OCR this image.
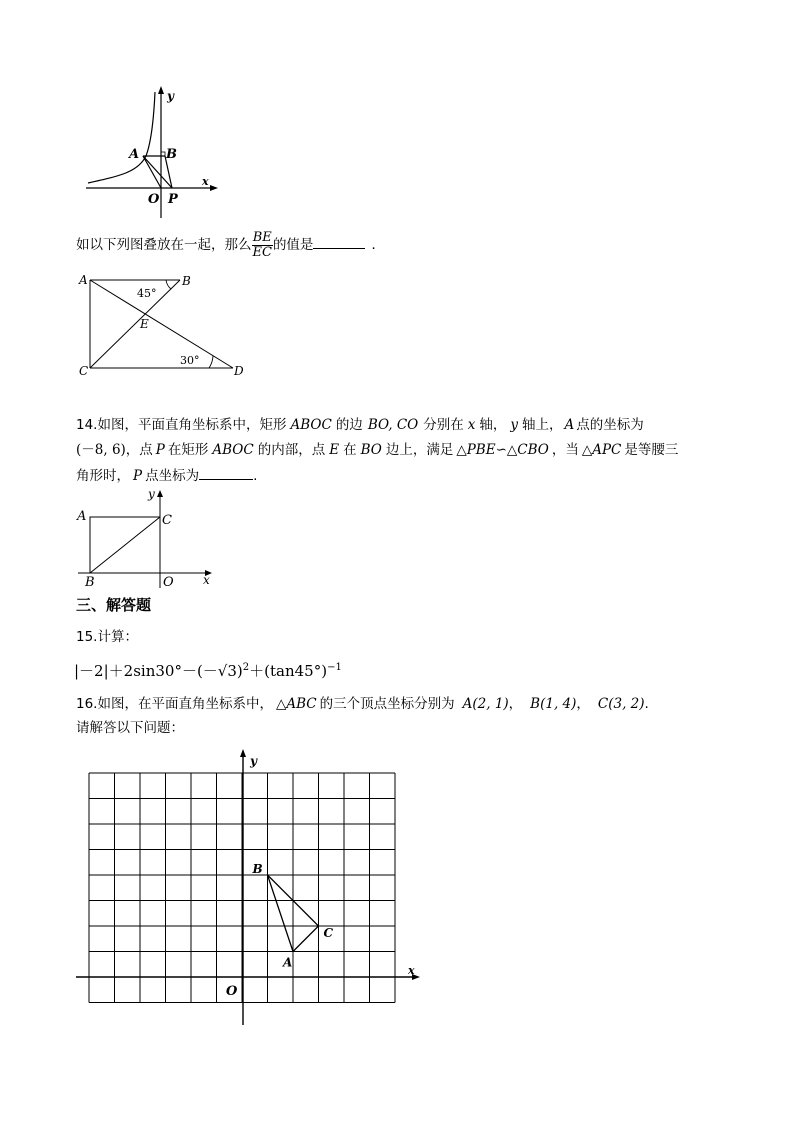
y
x
A B
O P
如以下列图叠放在一起，那么 $\frac{BE}{EC}$ 的值是	．
A	B
C	D
E
45°
30°
14.如图，平面直角坐标系中，矩形 ABOC 的边 BO, CO 分别在 x 轴， y 轴上， A 点的坐标为
(－8, 6)，点 P 在矩形 ABOC 的内部，点 E 在 BO 边上，满足 △PBE∽△CBO ，当 △APC 是等腰三
角形时， P 点坐标为	.
y
x
A
B
C
O
三、解答题
15.计算：
$|-2|+2\sin 30^\circ-(-√3)^2+(\tan 45^\circ)^{-1}$
16.如图，在平面直角坐标系中， △ABC 的三个顶点坐标分别为 A(2, 1)， B(1, 4)， C(3, 2).
请解答以下问题：
y
x
O
A
B
C
